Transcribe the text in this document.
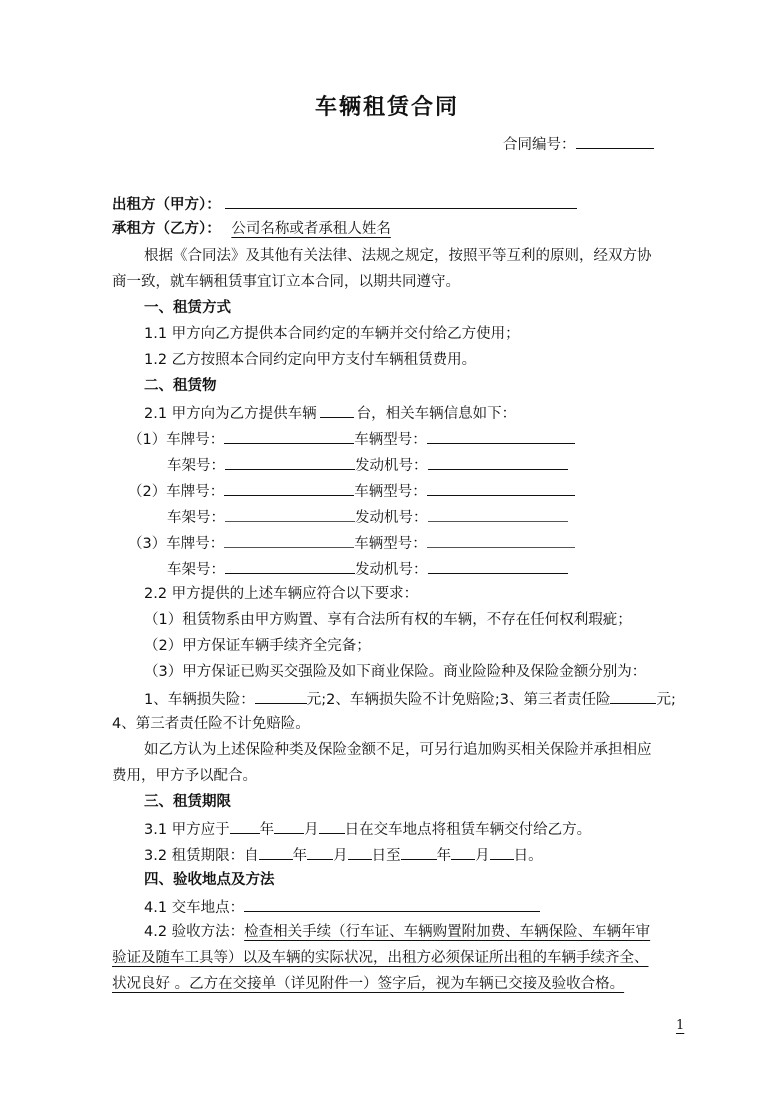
车辆租赁合同
合同编号：
出租方（甲方）：
承租方（乙方）： 公司名称或者承租人姓名
根据《合同法》及其他有关法律、法规之规定，按照平等互利的原则，经双方协
商一致，就车辆租赁事宜订立本合同，以期共同遵守。
一、租赁方式
1.1 甲方向乙方提供本合同约定的车辆并交付给乙方使用；
1.2 乙方按照本合同约定向甲方支付车辆租赁费用。
二、租赁物
2.1 甲方向为乙方提供车辆	台，相关车辆信息如下：
（1）车牌号：	车辆型号：
车架号：	发动机号：
（2）车牌号：	车辆型号：
车架号：	发动机号：
（3）车牌号：	车辆型号：
车架号：	发动机号：
2.2 甲方提供的上述车辆应符合以下要求：
（1）租赁物系由甲方购置、享有合法所有权的车辆，不存在任何权利瑕疵；
（2）甲方保证车辆手续齐全完备；
（3）甲方保证已购买交强险及如下商业保险。商业险险种及保险金额分别为：
1、车辆损失险：	元;2、车辆损失险不计免赔险;3、第三者责任险	元;
4、第三者责任险不计免赔险。
如乙方认为上述保险种类及保险金额不足，可另行追加购买相关保险并承担相应
费用，甲方予以配合。
三、租赁期限
3.1 甲方应于 年 月 日在交车地点将租赁车辆交付给乙方。
3.2 租赁期限：自 年 月 日至 年 月 日。
四、验收地点及方法
4.1 交车地点：
4.2 验收方法：检查相关手续（行车证、车辆购置附加费、车辆保险、车辆年审
验证及随车工具等）以及车辆的实际状况，出租方必须保证所出租的车辆手续齐全、
状况良好 。乙方在交接单（详见附件一）签字后，视为车辆已交接及验收合格。
1
